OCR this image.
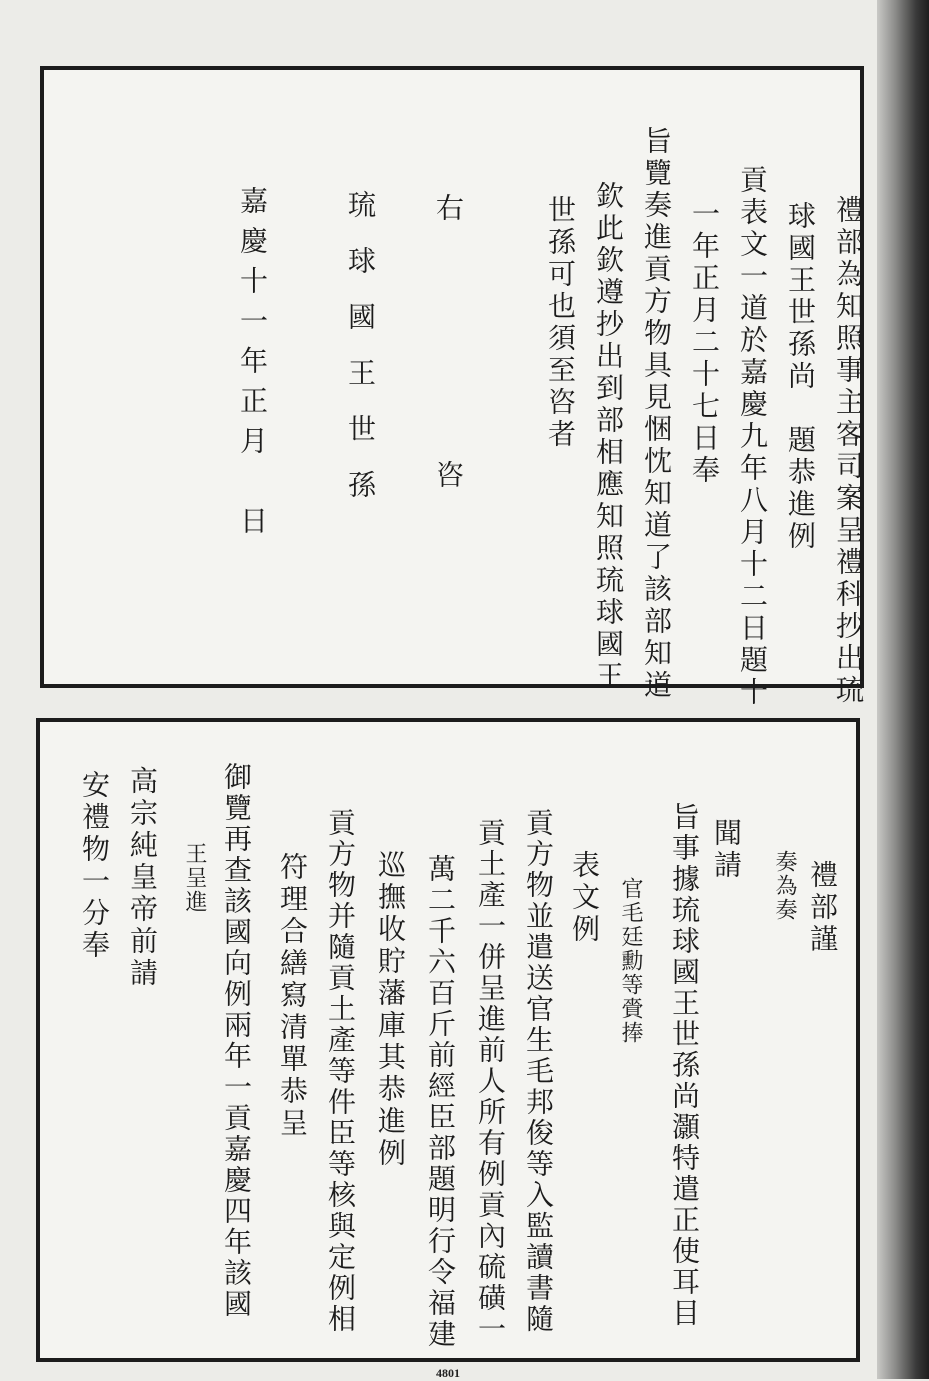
禮部為知照事主客司案呈禮科抄出琉
球國王世孫尚　題恭進例
貢表文一道於嘉慶九年八月十二日題十
一年正月二十七日奉
旨覽奏進貢方物具見悃忱知道了該部知道
欽此欽遵抄出到部相應知照琉球國王
世孫可也須至咨者
右
咨
琉球國王世孫
嘉慶十一年正月　日
禮部謹
奏為奏
官毛廷勳等賫捧 旨事據琉球國王世孫尚灝特遣正使耳目 聞請
表文例
貢方物並遣送官生毛邦俊等入監讀書隨
貢土產一併呈進前人所有例貢內硫磺一
萬二千六百斤前經臣部題明行令福建
巡撫收貯藩庫其恭進例
貢方物并隨貢土產等件臣等核與定例相
符理合繕寫清單恭呈
御覽再查該國向例兩年一貢嘉慶四年該國
王呈進
高宗純皇帝前請
安禮物一分奉
4801
